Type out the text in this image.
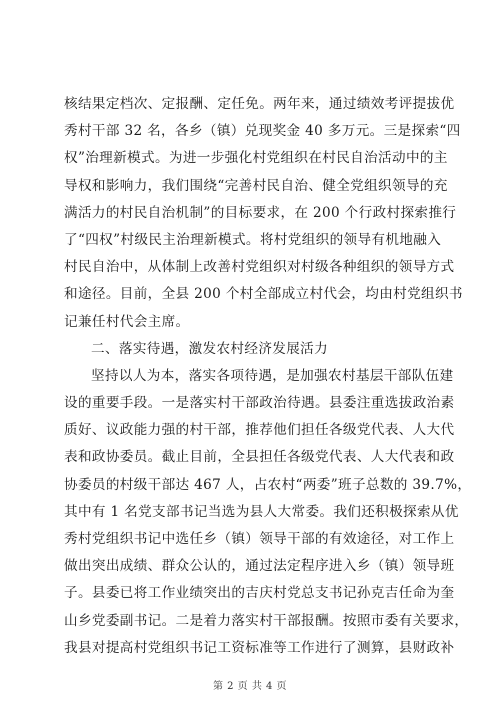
核结果定档次、定报酬、定任免。两年来，通过绩效考评提拔优
秀村干部 32 名，各乡（镇）兑现奖金 40 多万元。三是探索“四
权”治理新模式。为进一步强化村党组织在村民自治活动中的主
导权和影响力，我们围绕“完善村民自治、健全党组织领导的充
满活力的村民自治机制”的目标要求，在 200 个行政村探索推行
了“四权”村级民主治理新模式。将村党组织的领导有机地融入
村民自治中，从体制上改善村党组织对村级各种组织的领导方式
和途径。目前，全县 200 个村全部成立村代会，均由村党组织书
记兼任村代会主席。
二、落实待遇，激发农村经济发展活力
坚持以人为本，落实各项待遇，是加强农村基层干部队伍建
设的重要手段。一是落实村干部政治待遇。县委注重选拔政治素
质好、议政能力强的村干部，推荐他们担任各级党代表、人大代
表和政协委员。截止目前，全县担任各级党代表、人大代表和政
协委员的村级干部达 467 人，占农村“两委”班子总数的 39.7%，
其中有 1 名党支部书记当选为县人大常委。我们还积极探索从优
秀村党组织书记中选任乡（镇）领导干部的有效途径，对工作上
做出突出成绩、群众公认的，通过法定程序进入乡（镇）领导班
子。县委已将工作业绩突出的吉庆村党总支书记孙克吉任命为奎
山乡党委副书记。二是着力落实村干部报酬。按照市委有关要求，
我县对提高村党组织书记工资标准等工作进行了测算，县财政补
第 2 页 共 4 页
